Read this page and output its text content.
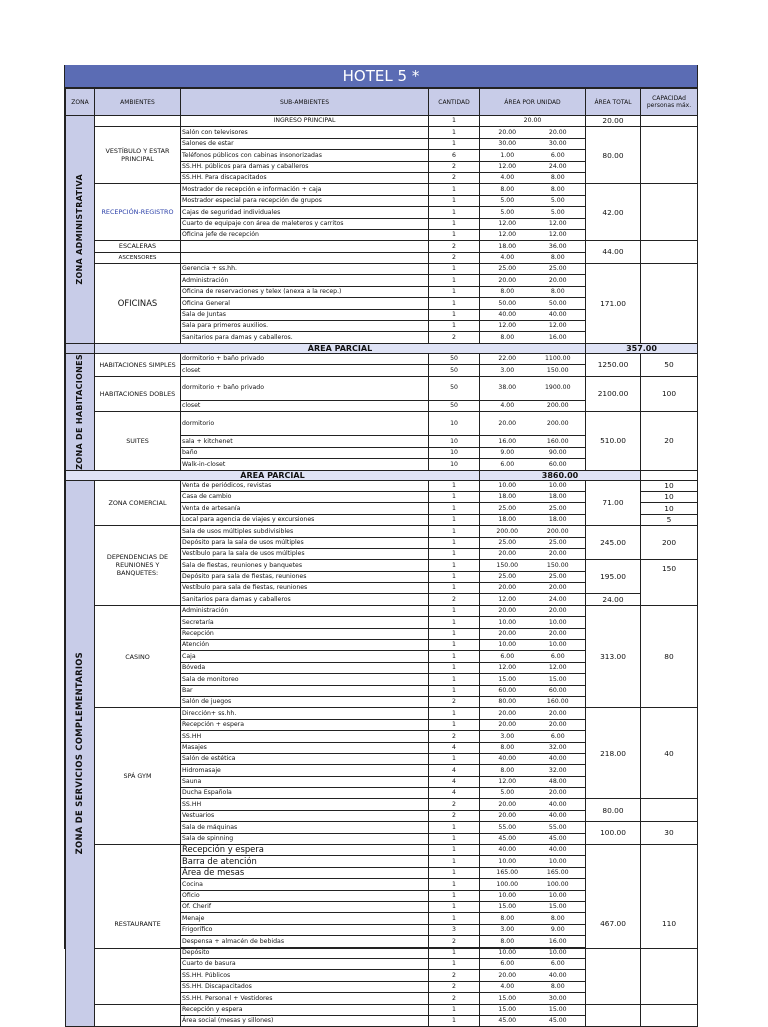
HOTEL 5 *
ZONA	AMBIENTES	SUB-AMBIENTES	CANTIDAD	ÁREA POR UNIDAD	ÁREA TOTAL	CAPACIDAd personas máx.

ZONA ADMINISTRATIVA		INGRESO PRINCIPAL	1	20.00	20.00	
	VESTÍBULO Y ESTAR PRINCIPAL	Salón con televisores	1	20.00 20.00	80.00	
		Salones de estar	1	30.00 30.00		
		Teléfonos públicos con cabinas insonorizadas	6	1.00 6.00		
		SS.HH. públicos para damas y caballeros	2	12.00 24.00		
		SS.HH. Para discapacitados	2	4.00 8.00		
	RECEPCIÓN-REGISTRO	Mostrador de recepción e información + caja	1	8.00 8.00	42.00	
		Mostrador especial para recepción de grupos	1	5.00 5.00		
		Cajas de seguridad individuales	1	5.00 5.00		
		Cuarto de equipaje con área de maleteros y carritos	1	12.00 12.00		
		Oficina jefe de recepción	1	12.00 12.00		
	ESCALERAS		2	18.00 36.00	44.00	
	ASCENSORES		2	4.00 8.00		
	OFICINAS	Gerencia + ss.hh.	1	25.00 25.00	171.00	
		Administración	1	20.00 20.00		
		Oficina de reservaciones y telex (anexa a la recep.)	1	8.00 8.00		
		Oficina General	1	50.00 50.00		
		Sala de Juntas	1	40.00 40.00		
		Sala para primeros auxilios.	1	12.00 12.00		
		Sanitarios para damas y caballeros.	2	8.00 16.00		
	ÁREA PARCIAL				357.00	

ZONA DE HABITACIONES	HABITACIONES SIMPLES	dormitorio + baño privado	50	22.00 1100.00	1250.00	50
		closet	50	3.00 150.00		
	HABITACIONES DOBLES	dormitorio + baño privado	50	38.00 1900.00	2100.00	100
		closet	50	4.00 200.00		
	SUITES	dormitorio	10	20.00 200.00	510.00	20
		sala + kitchenet	10	16.00 160.00		
		baño	10	9.00 90.00		
		Walk-in-closet	10	6.00 60.00		
ÁREA PARCIAL				3860.00		

ZONA DE SERVICIOS COMPLEMENTARIOS	ZONA COMERCIAL	Venta de periódicos, revistas	1	10.00 10.00	71.00	10
		Casa de cambio	1	18.00 18.00		10
		Venta de artesanía	1	25.00 25.00		10
		Local para agencia de viajes y excursiones	1	18.00 18.00		5
	DEPENDENCIAS DE REUNIONES Y BANQUETES:	Sala de usos múltiples subdivisibles	1	200.00 200.00	245.00	200
		Depósito para la sala de usos múltiples	1	25.00 25.00		
		Vestíbulo para la sala de usos múltiples	1	20.00 20.00		
		Sala de fiestas, reuniones y banquetes	1	150.00 150.00	195.00	150
		Depósito para sala de fiestas, reuniones	1	25.00 25.00		
		Vestíbulo para sala de fiestas, reuniones	1	20.00 20.00		
		Sanitarios para damas y caballeros	2	12.00 24.00	24.00	
	CASINO	Administración	1	20.00 20.00	313.00	80
		Secretaría	1	10.00 10.00		
		Recepción	1	20.00 20.00		
		Atención	1	10.00 10.00		
		Caja	1	6.00 6.00		
		Bóveda	1	12.00 12.00		
		Sala de monitoreo	1	15.00 15.00		
		Bar	1	60.00 60.00		
		Salón de juegos	2	80.00 160.00		
	SPÁ GYM	Dirección+ ss.hh.	1	20.00 20.00	218.00	40
		Recepción + espera	1	20.00 20.00		
		SS.HH	2	3.00 6.00		
		Masajes	4	8.00 32.00		
		Salón de estética	1	40.00 40.00		
		Hidromasaje	4	8.00 32.00		
		Sauna	4	12.00 48.00		
		Ducha Española	4	5.00 20.00		
		SS.HH	2	20.00 40.00	80.00	
		Vestuarios	2	20.00 40.00		
		Sala de máquinas	1	55.00 55.00	100.00	30
		Sala de spinning	1	45.00 45.00		
	RESTAURANTE	Recepción y espera	1	40.00 40.00	467.00	110
		Barra de atención	1	10.00 10.00		
		Área de mesas	1	165.00 165.00		
		Cocina	1	100.00 100.00		
		Oficio	1	10.00 10.00		
		Of. Cherif	1	15.00 15.00		
		Menaje	1	8.00 8.00		
		Frigorífico	3	3.00 9.00		
		Despensa + almacén de bebidas	2	8.00 16.00		
		Depósito	1	10.00 10.00		
		Cuarto de basura	1	6.00 6.00		
		SS.HH. Públicos	2	20.00 40.00		
		SS.HH. Discapacitados	2	4.00 8.00		
		SS.HH. Personal + Vestidores	2	15.00 30.00		
		Recepción y espera	1	15.00 15.00		
		Área social (mesas y sillones)	1	45.00 45.00		
